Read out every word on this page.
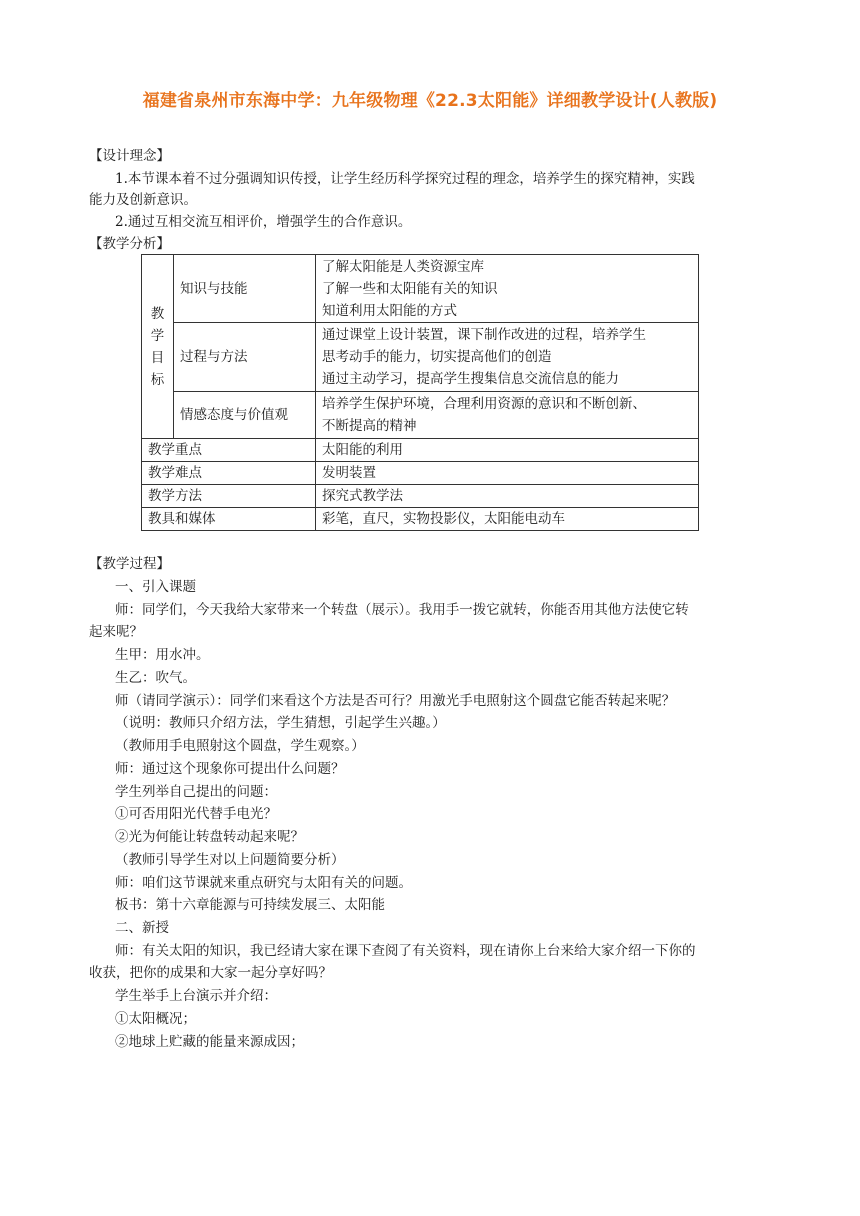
福建省泉州市东海中学：九年级物理《22.3太阳能》详细教学设计(人教版)
【设计理念】
1.本节课本着不过分强调知识传授，让学生经历科学探究过程的理念，培养学生的探究精神，实践
能力及创新意识。
2.通过互相交流互相评价，增强学生的合作意识。
【教学分析】
教
学
目
标	知识与技能	了解太阳能是人类资源宝库
了解一些和太阳能有关的知识
知道利用太阳能的方式

	过程与方法	通过课堂上设计装置，课下制作改进的过程，培养学生
思考动手的能力，切实提高他们的创造
通过主动学习，提高学生搜集信息交流信息的能力

	情感态度与价值观	培养学生保护环境，合理利用资源的意识和不断创新、
不断提高的精神

教学重点		太阳能的利用
教学难点		发明装置
教学方法		探究式教学法
教具和媒体		彩笔，直尺，实物投影仪，太阳能电动车
【教学过程】
一、引入课题
师：同学们，今天我给大家带来一个转盘（展示）。我用手一拨它就转，你能否用其他方法使它转
起来呢？
生甲：用水冲。
生乙：吹气。
师（请同学演示）：同学们来看这个方法是否可行？用激光手电照射这个圆盘它能否转起来呢？
（说明：教师只介绍方法，学生猜想，引起学生兴趣。）
（教师用手电照射这个圆盘，学生观察。）
师：通过这个现象你可提出什么问题？
学生列举自己提出的问题：
①可否用阳光代替手电光？
②光为何能让转盘转动起来呢？
（教师引导学生对以上问题简要分析）
师：咱们这节课就来重点研究与太阳有关的问题。
板书：第十六章能源与可持续发展三、太阳能
二、新授
师：有关太阳的知识，我已经请大家在课下查阅了有关资料，现在请你上台来给大家介绍一下你的
收获，把你的成果和大家一起分享好吗？
学生举手上台演示并介绍：
①太阳概况；
②地球上贮藏的能量来源成因；
